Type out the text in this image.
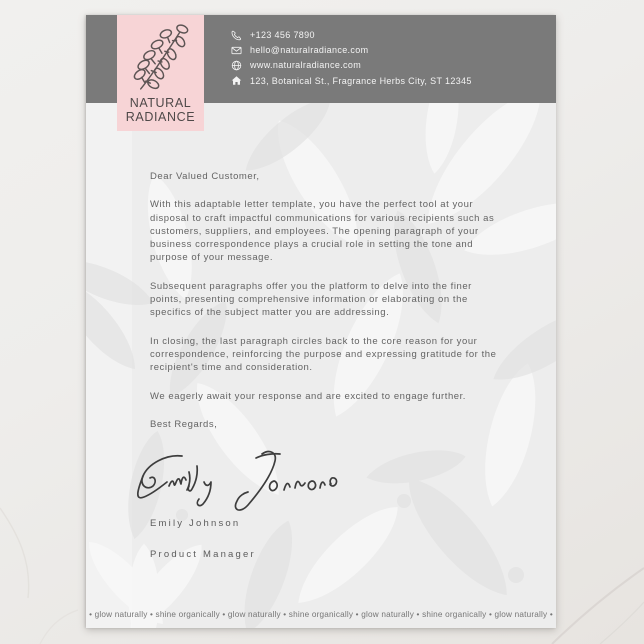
+123 456 7890
hello@naturalradiance.com
www.naturalradiance.com
123, Botanical St., Fragrance Herbs City, ST 12345
NATURAL
RADIANCE

Dear Valued Customer,

With this adaptable letter template, you have the perfect tool at your disposal to craft impactful communications for various recipients such as customers, suppliers, and employees. The opening paragraph of your business correspondence plays a crucial role in setting the tone and purpose of your message.

Subsequent paragraphs offer you the platform to delve into the finer points, presenting comprehensive information or elaborating on the specifics of the subject matter you are addressing.

In closing, the last paragraph circles back to the core reason for your correspondence, reinforcing the purpose and expressing gratitude for the recipient's time and consideration.

We eagerly await your response and are excited to engage further.

Best Regards,

Emily Johnson

Product Manager

• glow naturally • shine organically • glow naturally • shine organically • glow naturally • shine organically • glow naturally •
